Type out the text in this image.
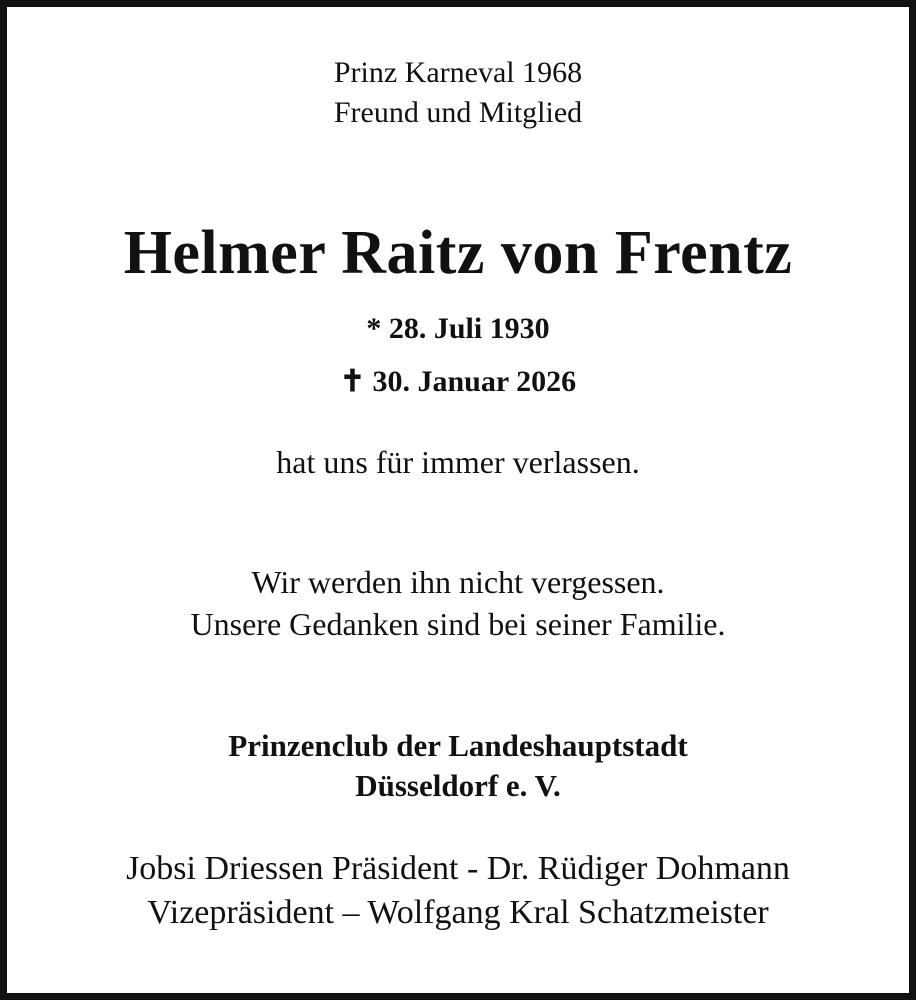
Prinz Karneval 1968
Freund und Mitglied
Helmer Raitz von Frentz
* 28. Juli 1930
✝ 30. Januar 2026
hat uns für immer verlassen.
Wir werden ihn nicht vergessen.
Unsere Gedanken sind bei seiner Familie.
Prinzenclub der Landeshauptstadt
Düsseldorf e. V.
Jobsi Driessen Präsident - Dr. Rüdiger Dohmann
Vizepräsident – Wolfgang Kral Schatzmeister
